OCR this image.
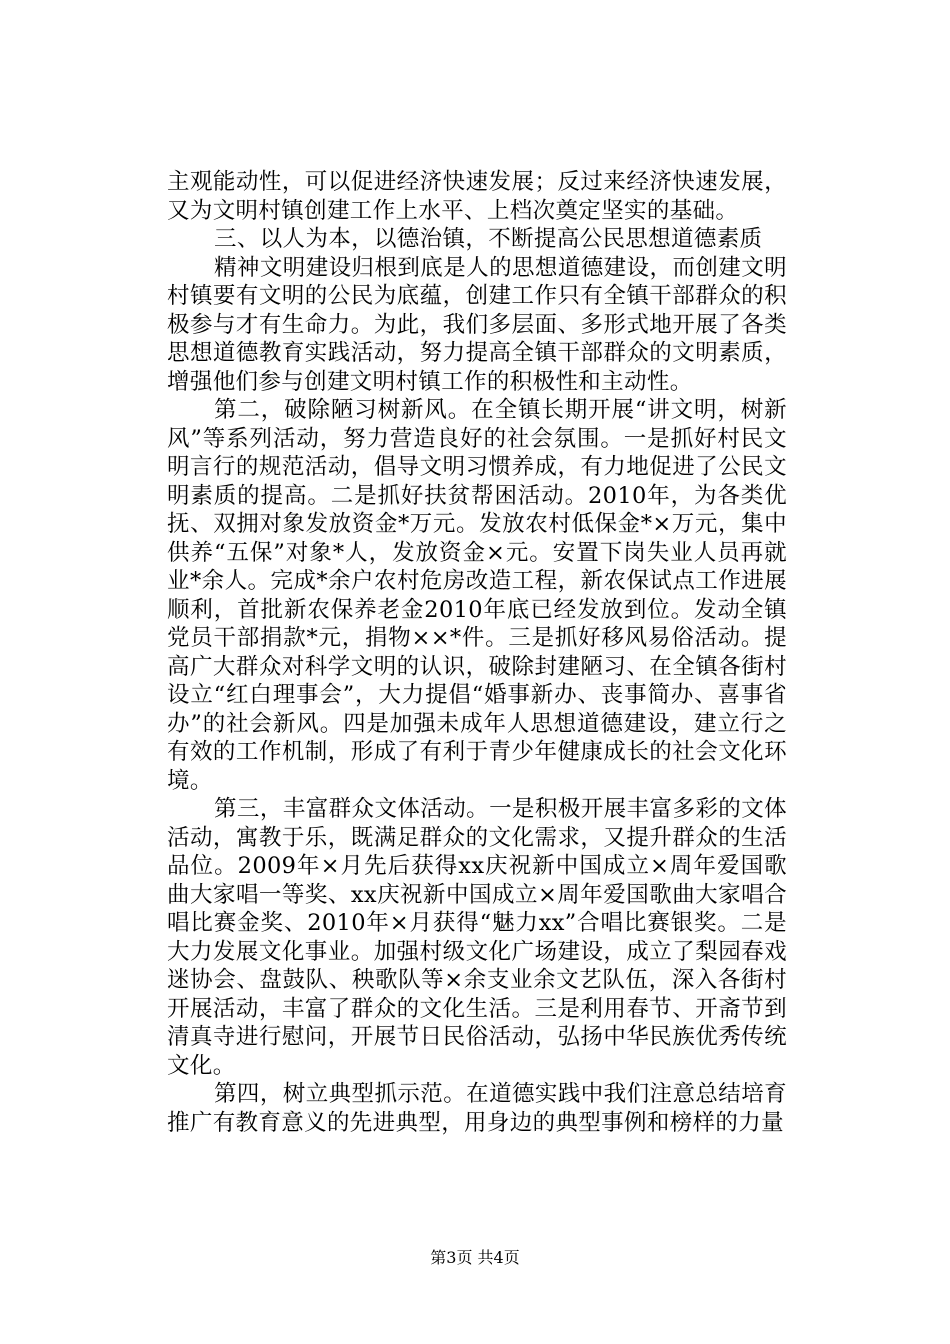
主观能动性，可以促进经济快速发展；反过来经济快速发展，又为文明村镇创建工作上水平、上档次奠定坚实的基础。

三、以人为本，以德治镇，不断提高公民思想道德素质

精神文明建设归根到底是人的思想道德建设，而创建文明村镇要有文明的公民为底蕴，创建工作只有全镇干部群众的积极参与才有生命力。为此，我们多层面、多形式地开展了各类思想道德教育实践活动，努力提高全镇干部群众的文明素质，增强他们参与创建文明村镇工作的积极性和主动性。

第二，破除陋习树新风。在全镇长期开展“讲文明，树新风”等系列活动，努力营造良好的社会氛围。一是抓好村民文明言行的规范活动，倡导文明习惯养成，有力地促进了公民文明素质的提高。二是抓好扶贫帮困活动。2010年，为各类优抚、双拥对象发放资金*万元。发放农村低保金*×万元，集中供养“五保”对象*人，发放资金×元。安置下岗失业人员再就业*余人。完成*余户农村危房改造工程，新农保试点工作进展顺利，首批新农保养老金2010年底已经发放到位。发动全镇党员干部捐款*元，捐物××*件。三是抓好移风易俗活动。提高广大群众对科学文明的认识，破除封建陋习、在全镇各街村设立“红白理事会”，大力提倡“婚事新办、丧事简办、喜事省办”的社会新风。四是加强未成年人思想道德建设，建立行之有效的工作机制，形成了有利于青少年健康成长的社会文化环境。

第三，丰富群众文体活动。一是积极开展丰富多彩的文体活动，寓教于乐，既满足群众的文化需求，又提升群众的生活品位。2009年×月先后获得xx庆祝新中国成立×周年爱国歌曲大家唱一等奖、xx庆祝新中国成立×周年爱国歌曲大家唱合唱比赛金奖、2010年×月获得“魅力xx”合唱比赛银奖。二是大力发展文化事业。加强村级文化广场建设，成立了梨园春戏迷协会、盘鼓队、秧歌队等×余支业余文艺队伍，深入各街村开展活动，丰富了群众的文化生活。三是利用春节、开斋节到清真寺进行慰问，开展节日民俗活动，弘扬中华民族优秀传统文化。

第四，树立典型抓示范。在道德实践中我们注意总结培育推广有教育意义的先进典型，用身边的典型事例和榜样的力量

第3页 共4页
